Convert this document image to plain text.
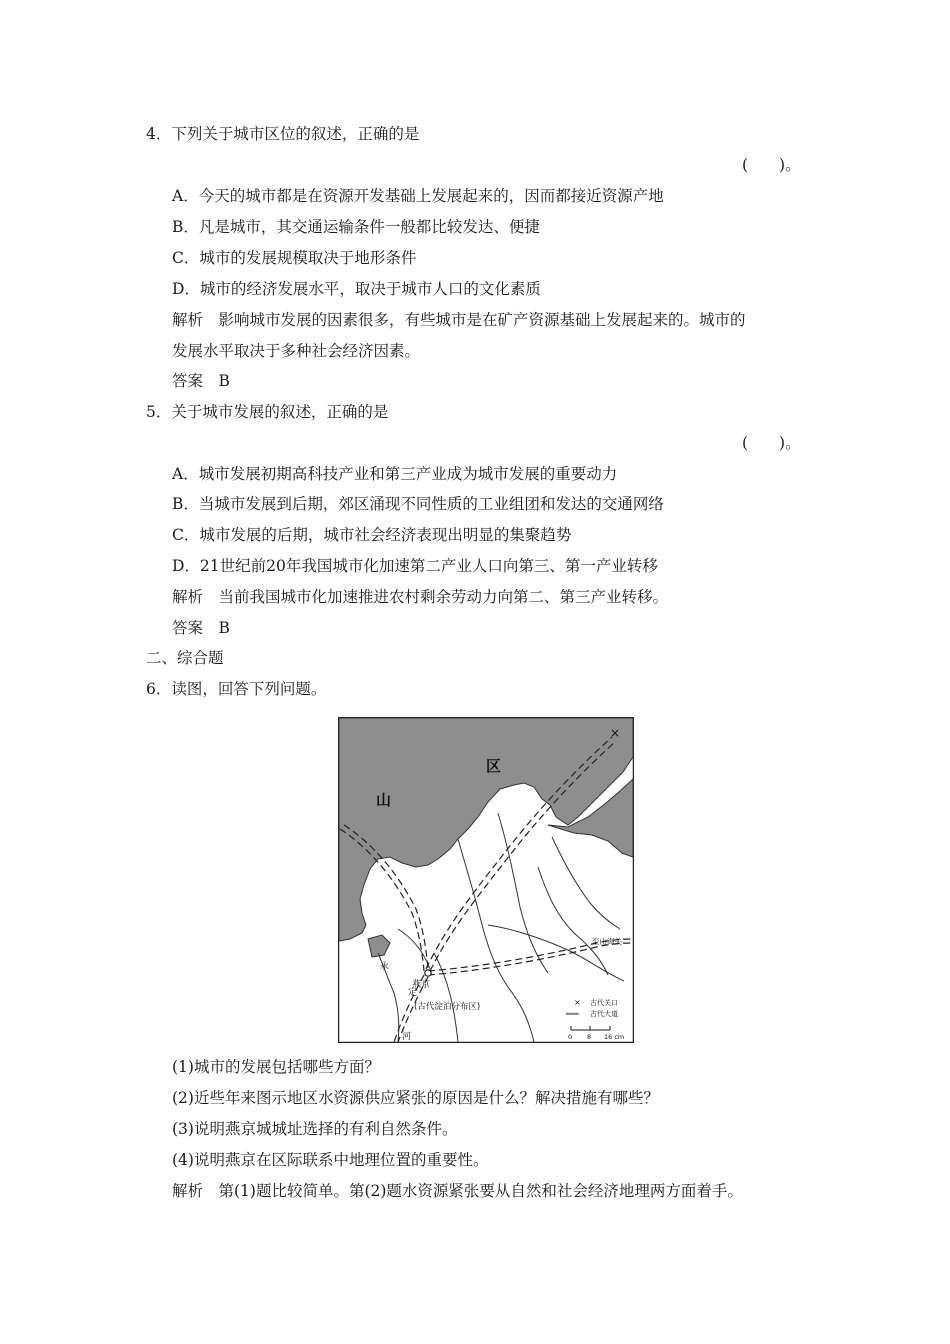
4．下列关于城市区位的叙述，正确的是
(　　)。
A．今天的城市都是在资源开发基础上发展起来的，因而都接近资源产地
B．凡是城市，其交通运输条件一般都比较发达、便捷
C．城市的发展规模取决于地形条件
D．城市的经济发展水平，取决于城市人口的文化素质
解析　影响城市发展的因素很多，有些城市是在矿产资源基础上发展起来的。城市的
发展水平取决于多种社会经济因素。
答案　B
5．关于城市发展的叙述，正确的是
(　　)。
A．城市发展初期高科技产业和第三产业成为城市发展的重要动力
B．当城市发展到后期，郊区涌现不同性质的工业组团和发达的交通网络
C．城市发展的后期，城市社会经济表现出明显的集聚趋势
D．21世纪前20年我国城市化加速第二产业人口向第三、第一产业转移
解析　当前我国城市化加速推进农村剩余劳动力向第二、第三产业转移。
答案　B
二、综合题
6．读图，回答下列问题。
×
山
区
至山海关
永
定
河
燕京
(古代淀泊分布区)	× 古代关口
═══ 古代大道
0 8 16 cm
(1)城市的发展包括哪些方面？
(2)近些年来图示地区水资源供应紧张的原因是什么？解决措施有哪些？
(3)说明燕京城城址选择的有利自然条件。
(4)说明燕京在区际联系中地理位置的重要性。
解析　第(1)题比较简单。第(2)题水资源紧张要从自然和社会经济地理两方面着手。
